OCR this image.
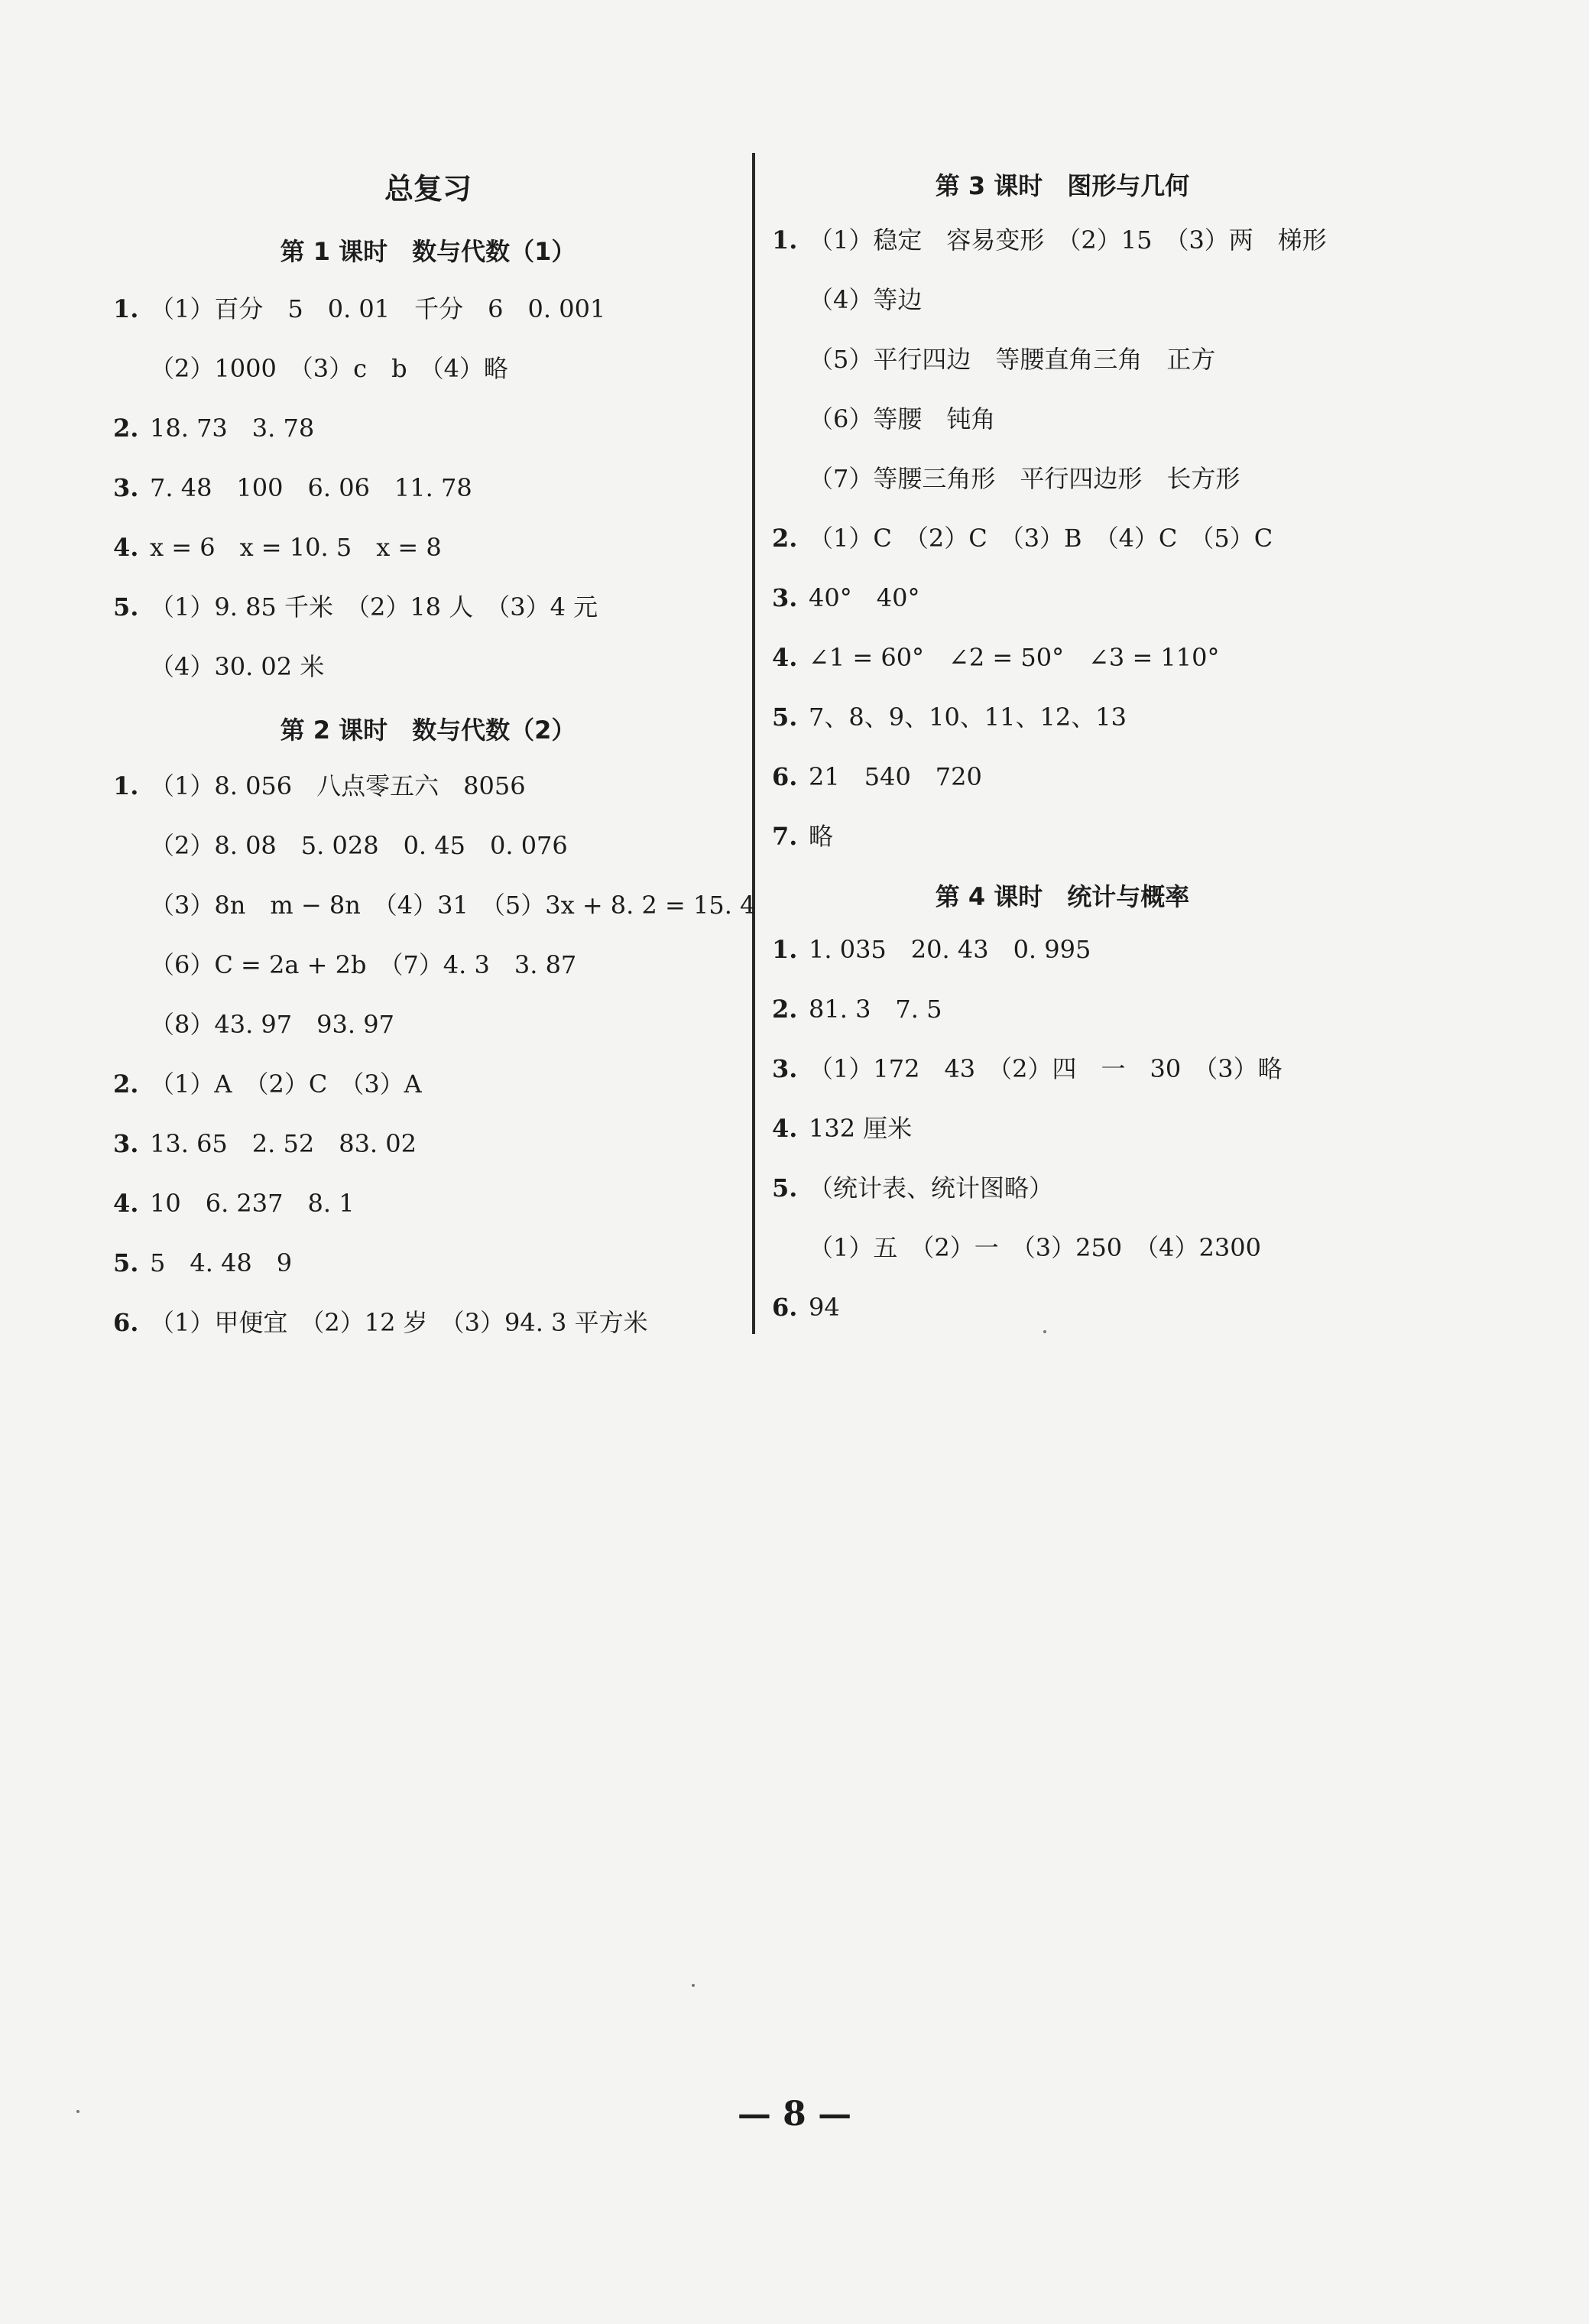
总复习
第 1 课时　数与代数（1）
1. （1）百分　5　0. 01　千分　6　0. 001
（2）1000　（3）c　b　（4）略
2. 18. 73　3. 78
3. 7. 48　100　6. 06　11. 78
4. x = 6　x = 10. 5　x = 8
5. （1）9. 85 千米　（2）18 人　（3）4 元
（4）30. 02 米
第 2 课时　数与代数（2）
1. （1）8. 056　八点零五六　8056
（2）8. 08　5. 028　0. 45　0. 076
（3）8n　m − 8n　（4）31　（5）3x + 8. 2 = 15. 4
（6）C = 2a + 2b　（7）4. 3　3. 87
（8）43. 97　93. 97
2. （1）A　（2）C　（3）A
3. 13. 65　2. 52　83. 02
4. 10　6. 237　8. 1
5. 5　4. 48　9
6. （1）甲便宜　（2）12 岁　（3）94. 3 平方米
第 3 课时　图形与几何
1. （1）稳定　容易变形　（2）15　（3）两　梯形
（4）等边
（5）平行四边　等腰直角三角　正方
（6）等腰　钝角
（7）等腰三角形　平行四边形　长方形
2. （1）C　（2）C　（3）B　（4）C　（5）C
3. 40°　40°
4. ∠1 = 60°　∠2 = 50°　∠3 = 110°
5. 7、8、9、10、11、12、13
6. 21　540　720
7. 略
第 4 课时　统计与概率
1. 1. 035　20. 43　0. 995
2. 81. 3　7. 5
3. （1）172　43　（2）四　一　30　（3）略
4. 132 厘米
5. （统计表、统计图略）
（1）五　（2）一　（3）250　（4）2300
6. 94
— 8 —
